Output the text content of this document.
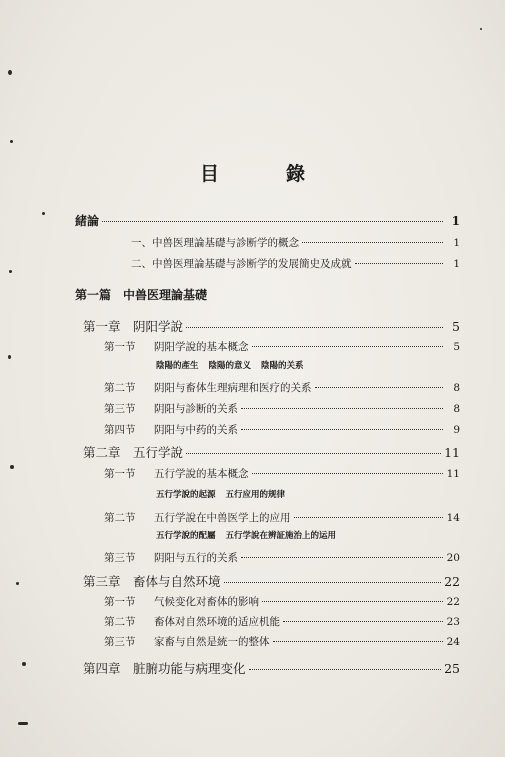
目　錄
緒論	1
一、中兽医理論基礎与診断学的概念	1
二、中兽医理論基礎与診断学的发展簡史及成就	1
第一篇 中兽医理論基礎
第一章　阴阳学說	5
第一节 阴阳学說的基本概念	5
陰陽的產生 陰陽的意义 陰陽的关系
第二节 阴阳与畜体生理病理和医疗的关系	8
第三节 阴阳与診断的关系	8
第四节 阴阳与中药的关系	9
第二章　五行学說	11
第一节 五行学說的基本概念	11
五行学說的起源 五行应用的规律
第二节 五行学說在中兽医学上的应用	14
五行学說的配屬 五行学說在辨証施治上的运用
第三节 阴阳与五行的关系	20
第三章　畜体与自然环境	22
第一节 气候变化对畜体的影响	22
第二节 畜体对自然环境的适应机能	23
第三节 家畜与自然是統一的整体	24
第四章　脏腑功能与病理变化	25
